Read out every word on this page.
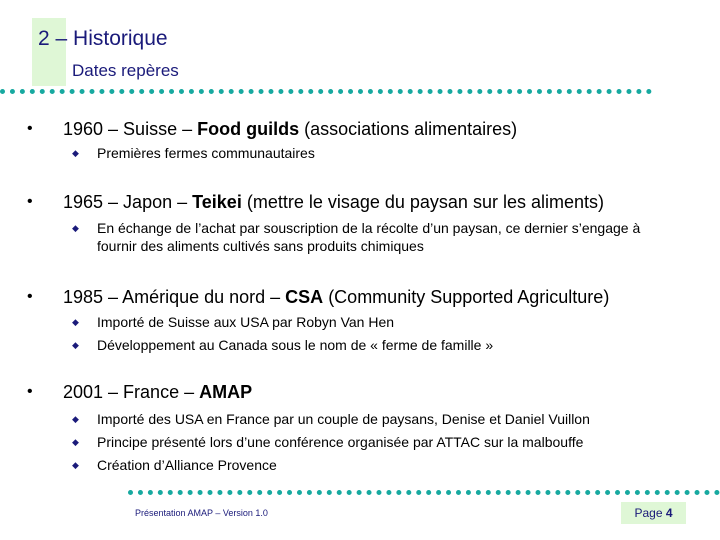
2 – Historique
Dates repères
• 1960 – Suisse – Food guilds (associations alimentaires)
◆ Premières fermes communautaires
• 1965 – Japon – Teikei (mettre le visage du paysan sur les aliments)
◆ En échange de l’achat par souscription de la récolte d’un paysan, ce dernier s’engage à fournir des aliments cultivés sans produits chimiques
• 1985 – Amérique du nord – CSA (Community Supported Agriculture)
◆ Importé de Suisse aux USA par Robyn Van Hen
◆ Développement au Canada sous le nom de « ferme de famille »
• 2001 – France – AMAP
◆ Importé des USA en France par un couple de paysans, Denise et Daniel Vuillon
◆ Principe présenté lors d’une conférence organisée par ATTAC sur la malbouffe
◆ Création d’Alliance Provence
Présentation AMAP – Version 1.0	Page 4
